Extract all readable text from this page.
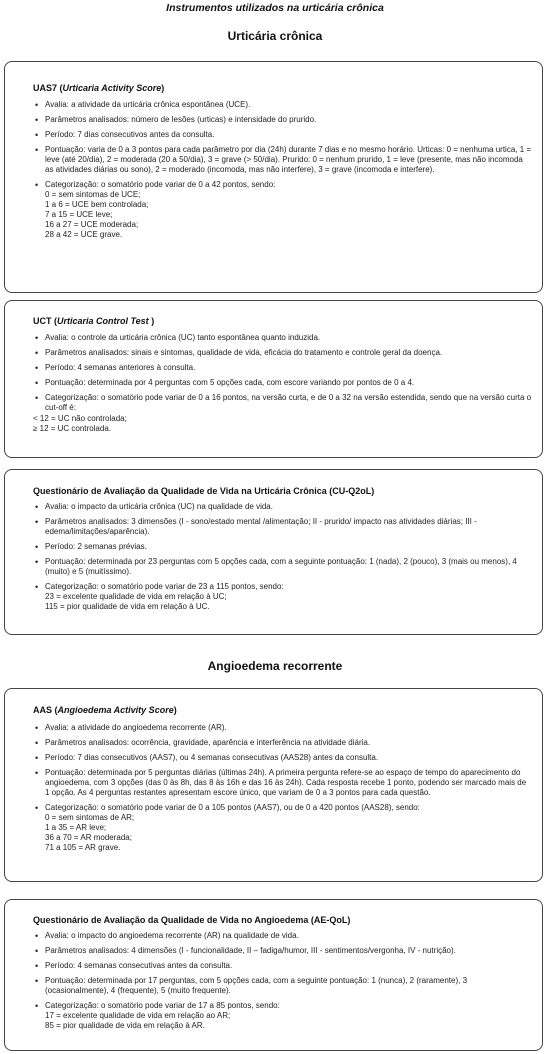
Instrumentos utilizados na urticária crônica
Urticária crônica
UAS7 (Urticaria Activity Score)
• Avalia: a atividade da urticária crônica espontânea (UCE).
• Parâmetros analisados: número de lesões (urticas) e intensidade do prurido.
• Período: 7 dias consecutivos antes da consulta.
• Pontuação: varia de 0 a 3 pontos para cada parâmetro por dia (24h) durante 7 dias e no mesmo horário. Urticas: 0 = nenhuma urtica, 1 = leve (até 20/dia), 2 = moderada (20 a 50/dia), 3 = grave (> 50/dia). Prurido: 0 = nenhum prurido, 1 = leve (presente, mas não incomoda as atividades diárias ou sono), 2 = moderado (incomoda, mas não interfere), 3 = grave (incomoda e interfere).
• Categorização: o somatório pode variar de 0 a 42 pontos, sendo:
0 = sem sintomas de UCE;
1 a 6 = UCE bem controlada;
7 a 15 = UCE leve;
16 a 27 = UCE moderada;
28 a 42 = UCE grave.
UCT (Urticaria Control Test )
• Avalia: o controle da urticária crônica (UC) tanto espontânea quanto induzida.
• Parâmetros analisados: sinais e sintomas, qualidade de vida, eficácia do tratamento e controle geral da doença.
• Período: 4 semanas anteriores à consulta.
• Pontuação: determinada por 4 perguntas com 5 opções cada, com escore variando por pontos de 0 a 4.
• Categorização: o somatório pode variar de 0 a 16 pontos, na versão curta, e de 0 a 32 na versão estendida, sendo que na versão curta o cut-off é:
< 12 = UC não controlada;
≥ 12 = UC controlada.
Questionário de Avaliação da Qualidade de Vida na Urticária Crônica (CU-Q2oL)
• Avalia: o impacto da urticária crônica (UC) na qualidade de vida.
• Parâmetros analisados: 3 dimensões (I - sono/estado mental /alimentação; II - prurido/ impacto nas atividades diárias; III - edema/limitações/aparência).
• Período: 2 semanas prévias.
• Pontuação: determinada por 23 perguntas com 5 opções cada, com a seguinte pontuação: 1 (nada), 2 (pouco), 3 (mais ou menos), 4 (muito) e 5 (muitíssimo).
• Categorização: o somatório pode variar de 23 a 115 pontos, sendo:
23 = excelente qualidade de vida em relação à UC;
115 = pior qualidade de vida em relação à UC.
Angioedema recorrente
AAS (Angioedema Activity Score)
• Avalia: a atividade do angioedema recorrente (AR).
• Parâmetros analisados: ocorrência, gravidade, aparência e interferência na atividade diária.
• Período: 7 dias consecutivos (AAS7), ou 4 semanas consecutivas (AAS28) antes da consulta.
• Pontuação: determinada por 5 perguntas diárias (últimas 24h). A primeira pergunta refere-se ao espaço de tempo do aparecimento do angioedema, com 3 opções (das 0 às 8h, das 8 às 16h e das 16 às 24h). Cada resposta recebe 1 ponto, podendo ser marcado mais de 1 opção. As 4 perguntas restantes apresentam escore único, que variam de 0 a 3 pontos para cada questão.
• Categorização: o somatório pode variar de 0 a 105 pontos (AAS7), ou de 0 a 420 pontos (AAS28), sendo:
0 = sem sintomas de AR;
1 a 35 = AR leve;
36 a 70 = AR moderada;
71 a 105 = AR grave.
Questionário de Avaliação da Qualidade de Vida no Angioedema (AE-QoL)
• Avalia: o impacto do angioedema recorrente (AR) na qualidade de vida.
• Parâmetros analisados: 4 dimensões (I - funcionalidade, II – fadiga/humor, III - sentimentos/vergonha, IV - nutrição).
• Período: 4 semanas consecutivas antes da consulta.
• Pontuação: determinada por 17 perguntas, com 5 opções cada, com a seguinte pontuação: 1 (nunca), 2 (raramente), 3 (ocasionalmente), 4 (frequente), 5 (muito frequente).
• Categorização: o somatório pode variar de 17 a 85 pontos, sendo:
17 = excelente qualidade de vida em relação ao AR;
85 = pior qualidade de vida em relação à AR.
